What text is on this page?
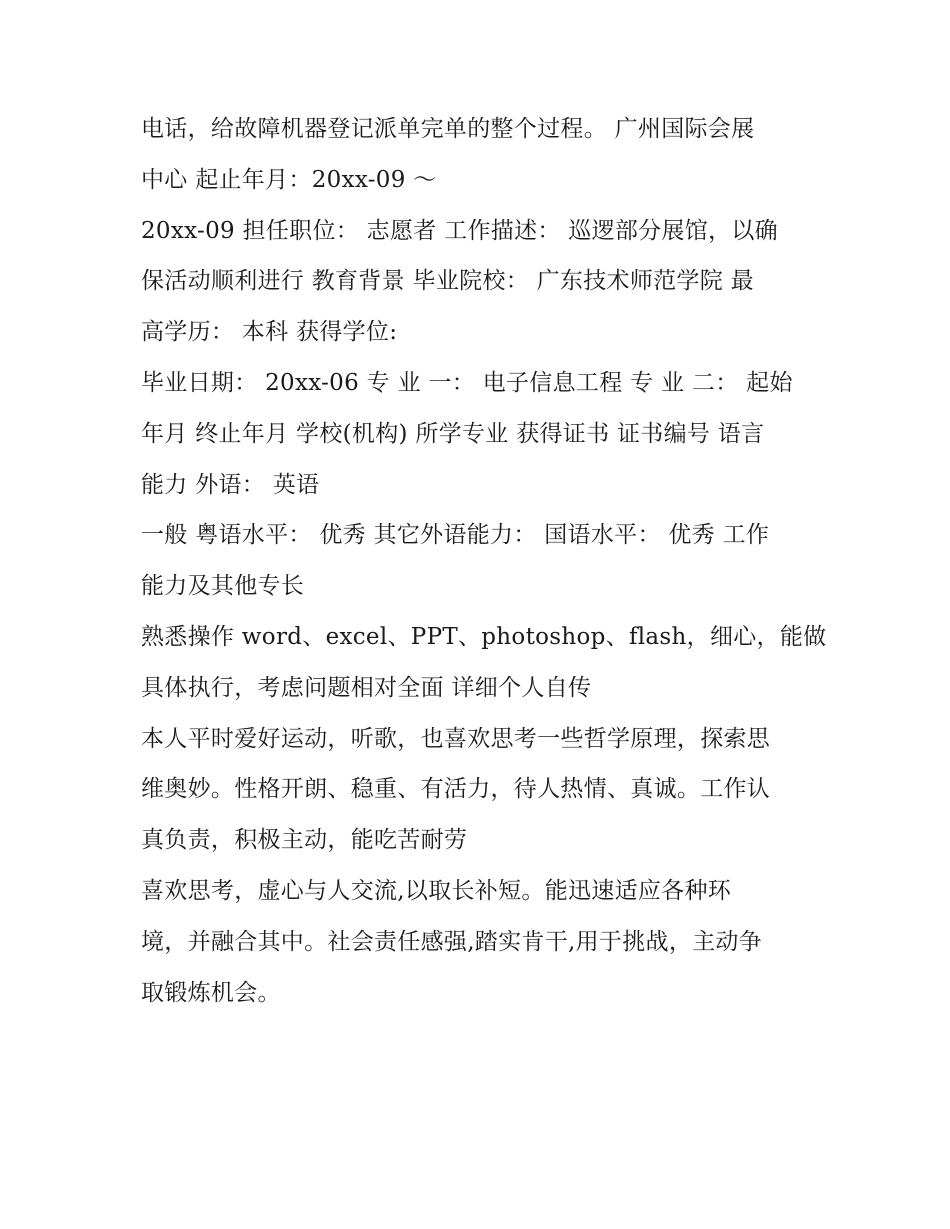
电话，给故障机器登记派单完单的整个过程。 广州国际会展
中心 起止年月：20xx-09 ～
20xx-09 担任职位： 志愿者 工作描述： 巡逻部分展馆，以确
保活动顺利进行 教育背景 毕业院校： 广东技术师范学院 最
高学历： 本科 获得学位:
毕业日期： 20xx-06 专 业 一： 电子信息工程 专 业 二： 起始
年月 终止年月 学校(机构) 所学专业 获得证书 证书编号 语言
能力 外语： 英语
一般 粤语水平： 优秀 其它外语能力： 国语水平： 优秀 工作
能力及其他专长
熟悉操作 word、excel、PPT、photoshop、flash，细心，能做
具体执行，考虑问题相对全面 详细个人自传
本人平时爱好运动，听歌，也喜欢思考一些哲学原理，探索思
维奥妙。性格开朗、稳重、有活力，待人热情、真诚。工作认
真负责，积极主动，能吃苦耐劳
喜欢思考，虚心与人交流,以取长补短。能迅速适应各种环
境，并融合其中。社会责任感强,踏实肯干,用于挑战，主动争
取锻炼机会。
